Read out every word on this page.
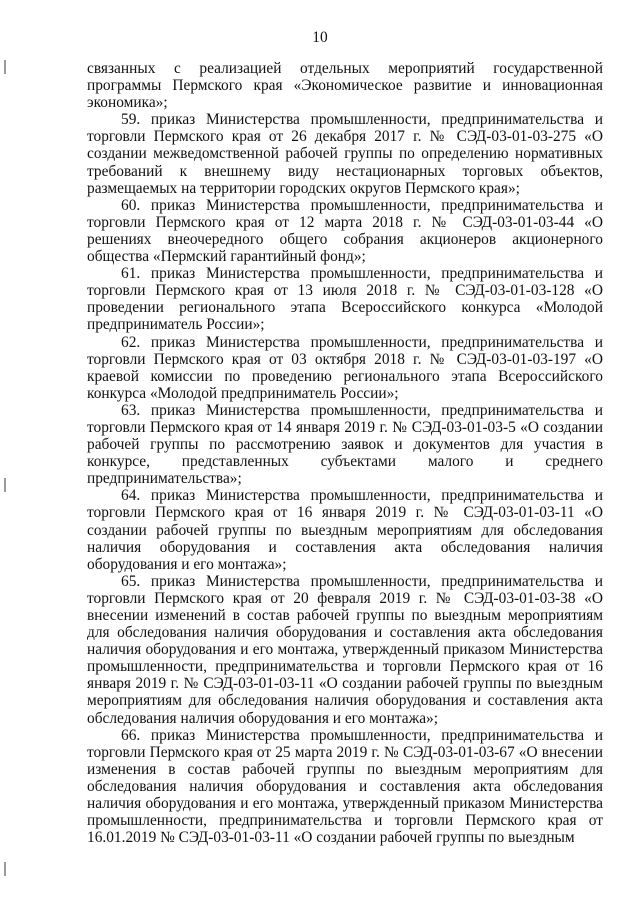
10

связанных с реализацией отдельных мероприятий государственной программы Пермского края «Экономическое развитие и инновационная экономика»;

59. приказ Министерства промышленности, предпринимательства и торговли Пермского края от 26 декабря 2017 г. № СЭД-03-01-03-275 «О создании межведомственной рабочей группы по определению нормативных требований к внешнему виду нестационарных торговых объектов, размещаемых на территории городских округов Пермского края»;

60. приказ Министерства промышленности, предпринимательства и торговли Пермского края от 12 марта 2018 г. № СЭД-03-01-03-44 «О решениях внеочередного общего собрания акционеров акционерного общества «Пермский гарантийный фонд»;

61. приказ Министерства промышленности, предпринимательства и торговли Пермского края от 13 июля 2018 г. № СЭД-03-01-03-128 «О проведении регионального этапа Всероссийского конкурса «Молодой предприниматель России»;

62. приказ Министерства промышленности, предпринимательства и торговли Пермского края от 03 октября 2018 г. № СЭД-03-01-03-197 «О краевой комиссии по проведению регионального этапа Всероссийского конкурса «Молодой предприниматель России»;

63. приказ Министерства промышленности, предпринимательства и торговли Пермского края от 14 января 2019 г. № СЭД-03-01-03-5 «О создании рабочей группы по рассмотрению заявок и документов для участия в конкурсе, представленных субъектами малого и среднего предпринимательства»;

64. приказ Министерства промышленности, предпринимательства и торговли Пермского края от 16 января 2019 г. № СЭД-03-01-03-11 «О создании рабочей группы по выездным мероприятиям для обследования наличия оборудования и составления акта обследования наличия оборудования и его монтажа»;

65. приказ Министерства промышленности, предпринимательства и торговли Пермского края от 20 февраля 2019 г. № СЭД-03-01-03-38 «О внесении изменений в состав рабочей группы по выездным мероприятиям для обследования наличия оборудования и составления акта обследования наличия оборудования и его монтажа, утвержденный приказом Министерства промышленности, предпринимательства и торговли Пермского края от 16 января 2019 г. № СЭД-03-01-03-11 «О создании рабочей группы по выездным мероприятиям для обследования наличия оборудования и составления акта обследования наличия оборудования и его монтажа»;

66. приказ Министерства промышленности, предпринимательства и торговли Пермского края от 25 марта 2019 г. № СЭД-03-01-03-67 «О внесении изменения в состав рабочей группы по выездным мероприятиям для обследования наличия оборудования и составления акта обследования наличия оборудования и его монтажа, утвержденный приказом Министерства промышленности, предпринимательства и торговли Пермского края от 16.01.2019 № СЭД-03-01-03-11 «О создании рабочей группы по выездным
